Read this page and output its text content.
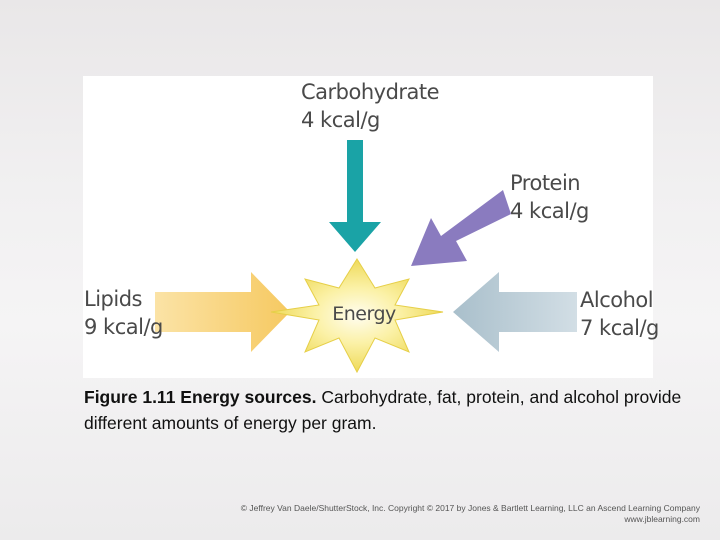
Energy
Carbohydrate
4 kcal/g
Protein
4 kcal/g
Lipids
9 kcal/g
Alcohol
7 kcal/g
Figure 1.11 Energy sources. Carbohydrate, fat, protein, and alcohol provide different amounts of energy per gram.
© Jeffrey Van Daele/ShutterStock, Inc. Copyright © 2017 by Jones & Bartlett Learning, LLC an Ascend Learning Company
www.jblearning.com
